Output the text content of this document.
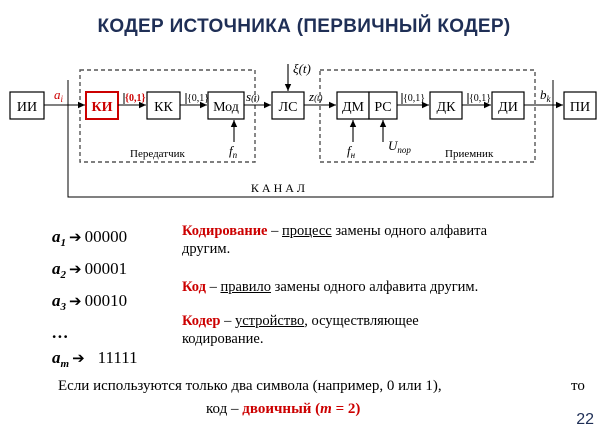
КОДЕР ИСТОЧНИКА (ПЕРВИЧНЫЙ КОДЕР)
ИИ	КИ	КК	Мод	ЛС	ДМ РС	ДК	ДИ	ПИ
$a_i$	{0,1}	{0,1}	s(t)
ξ(t)
z(t)	{0,1}	{0,1}	$b_k$
$f_п$	$f_н$
$U_{пор}$
Передатчик	Приемник
К А Н А Л
$a_1$ ➔ 00000
$a_2$ ➔ 00001
$a_3$ ➔ 00010
…
$a_m$ ➔ 11111
Кодирование – процесс замены одного алфавита
другим.
Код – правило замены одного алфавита другим.
Кодер – устройство, осуществляющее
кодирование.
Если используются только два символа (например, 0 или 1),	то
код – двоичный (m = 2)
22
